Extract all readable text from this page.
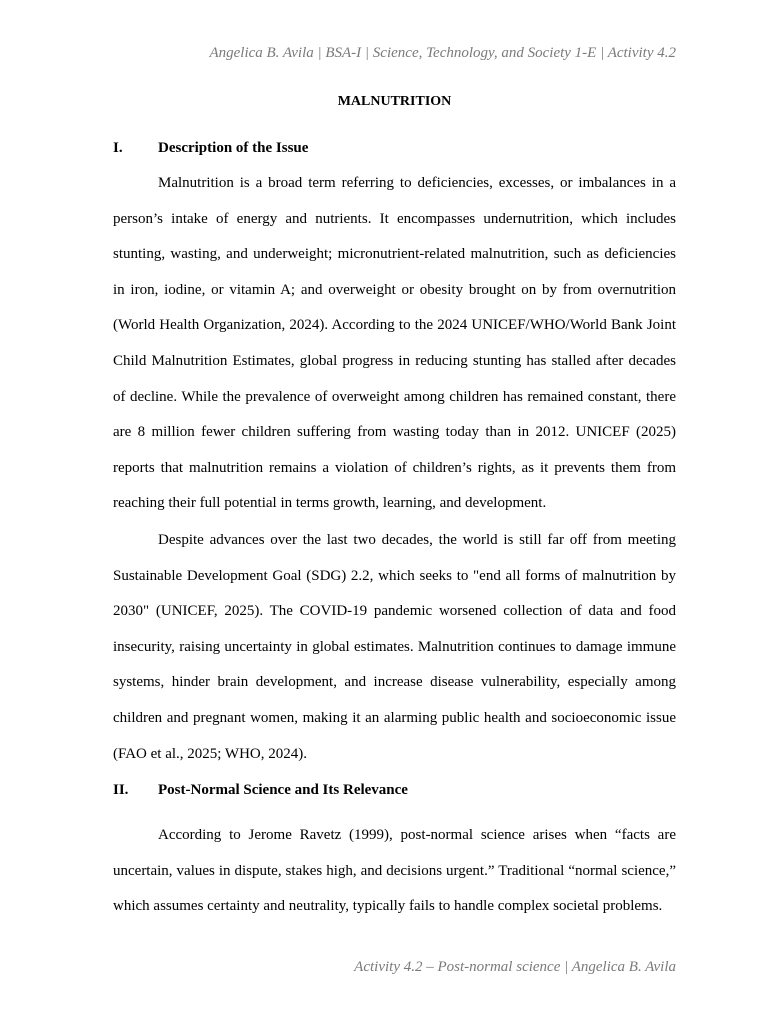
Angelica B. Avila | BSA-I | Science, Technology, and Society 1-E | Activity 4.2
MALNUTRITION
I. Description of the Issue

Malnutrition is a broad term referring to deficiencies, excesses, or imbalances in a person’s intake of energy and nutrients. It encompasses undernutrition, which includes stunting, wasting, and underweight; micronutrient-related malnutrition, such as deficiencies in iron, iodine, or vitamin A; and overweight or obesity brought on by from overnutrition (World Health Organization, 2024). According to the 2024 UNICEF/WHO/World Bank Joint Child Malnutrition Estimates, global progress in reducing stunting has stalled after decades of decline. While the prevalence of overweight among children has remained constant, there are 8 million fewer children suffering from wasting today than in 2012. UNICEF (2025) reports that malnutrition remains a violation of children’s rights, as it prevents them from reaching their full potential in terms growth, learning, and development.

Despite advances over the last two decades, the world is still far off from meeting Sustainable Development Goal (SDG) 2.2, which seeks to "end all forms of malnutrition by 2030" (UNICEF, 2025). The COVID-19 pandemic worsened collection of data and food insecurity, raising uncertainty in global estimates. Malnutrition continues to damage immune systems, hinder brain development, and increase disease vulnerability, especially among children and pregnant women, making it an alarming public health and socioeconomic issue (FAO et al., 2025; WHO, 2024).

II. Post-Normal Science and Its Relevance

According to Jerome Ravetz (1999), post-normal science arises when “facts are uncertain, values in dispute, stakes high, and decisions urgent.” Traditional “normal science,” which assumes certainty and neutrality, typically fails to handle complex societal problems.

Activity 4.2 – Post-normal science | Angelica B. Avila
